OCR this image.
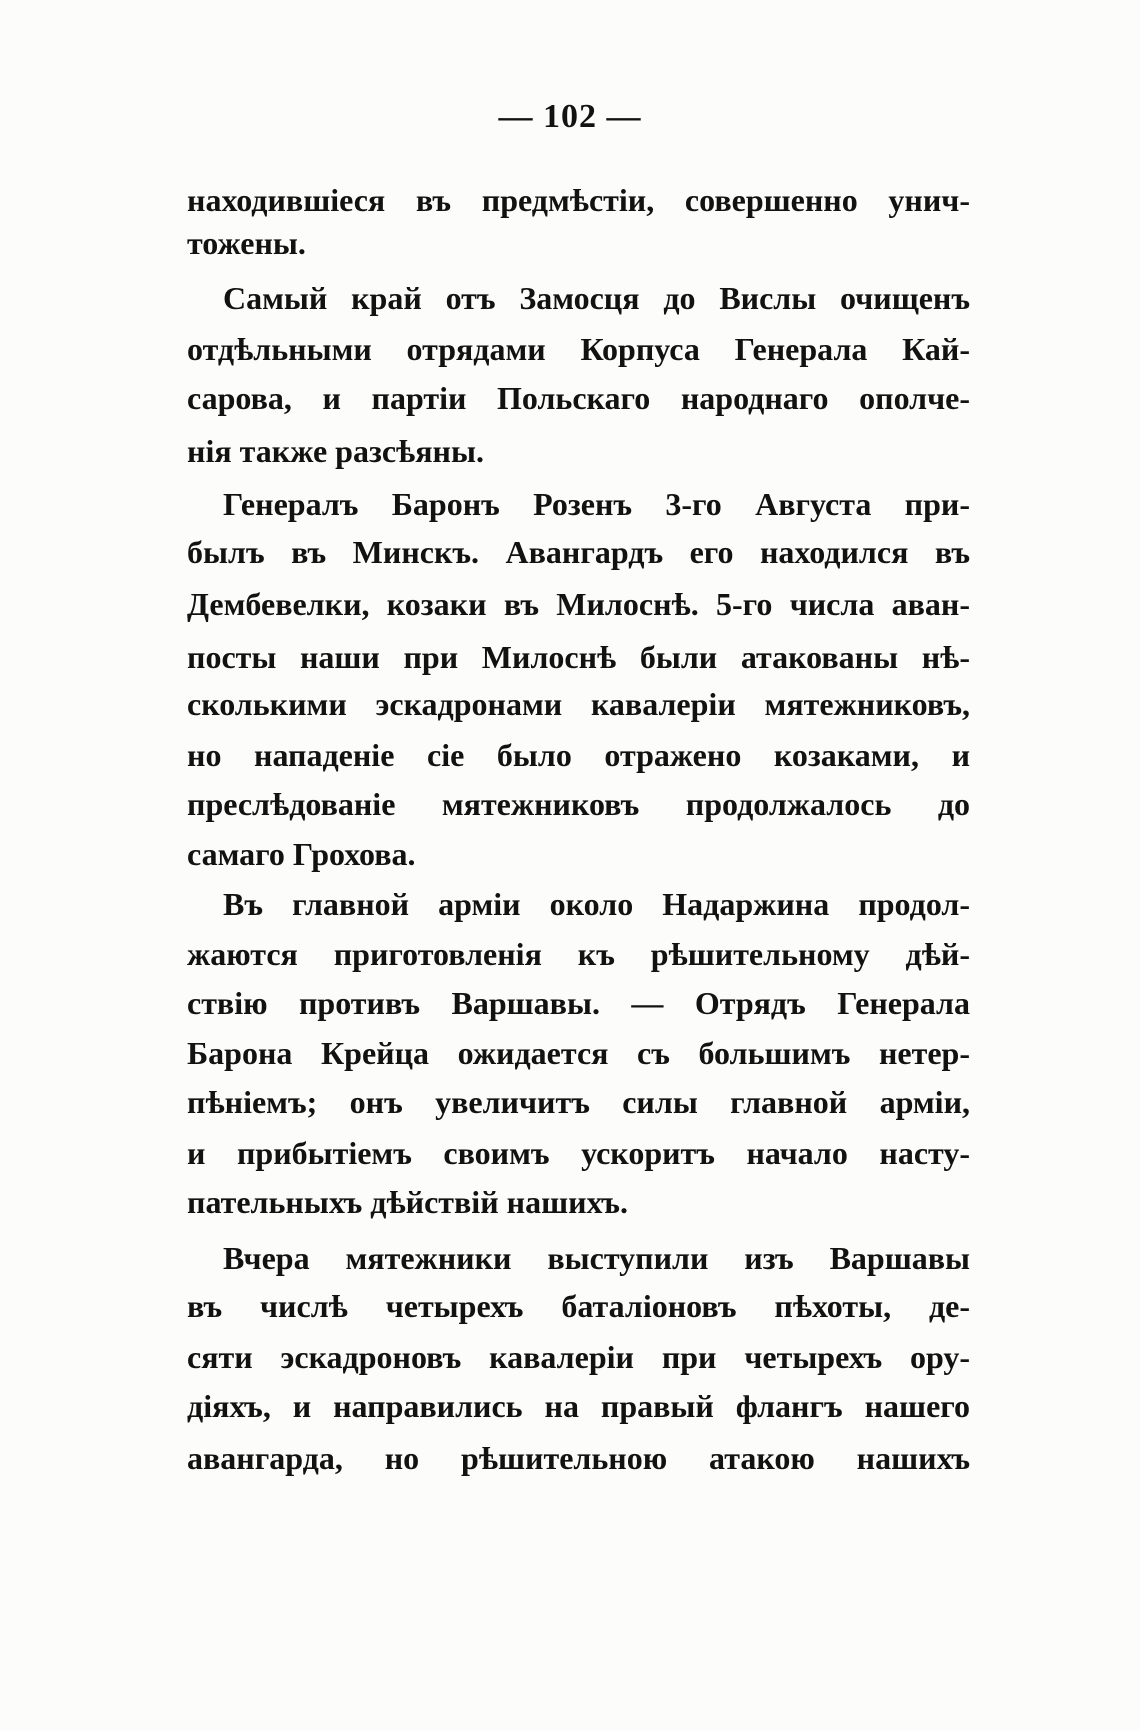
— 102 —
находившіеся въ предмѣстіи, совершенно унич-
тожены.
Самый край отъ Замосця до Вислы очищенъ
отдѣльными отрядами Корпуса Генерала Кай-
сарова, и партіи Польскаго народнаго ополче-
нія также разсѣяны.
Генералъ Баронъ Розенъ 3-го Августа при-
былъ въ Минскъ. Авангардъ его находился въ
Дембевелки, козаки въ Милоснѣ. 5-го числа аван-
посты наши при Милоснѣ были атакованы нѣ-
сколькими эскадронами кавалеріи мятежниковъ,
но нападеніе сіе было отражено козаками, и
преслѣдованіе мятежниковъ продолжалось до
самаго Грохова.
Въ главной арміи около Надаржина продол-
жаются приготовленія къ рѣшительному дѣй-
ствію противъ Варшавы. — Отрядъ Генерала
Барона Крейца ожидается съ большимъ нетер-
пѣніемъ; онъ увеличитъ силы главной арміи,
и прибытіемъ своимъ ускоритъ начало насту-
пательныхъ дѣйствій нашихъ.
Вчера мятежники выступили изъ Варшавы
въ числѣ четырехъ баталіоновъ пѣхоты, де-
сяти эскадроновъ кавалеріи при четырехъ ору-
діяхъ, и направились на правый флангъ нашего
авангарда, но рѣшительною атакою нашихъ
